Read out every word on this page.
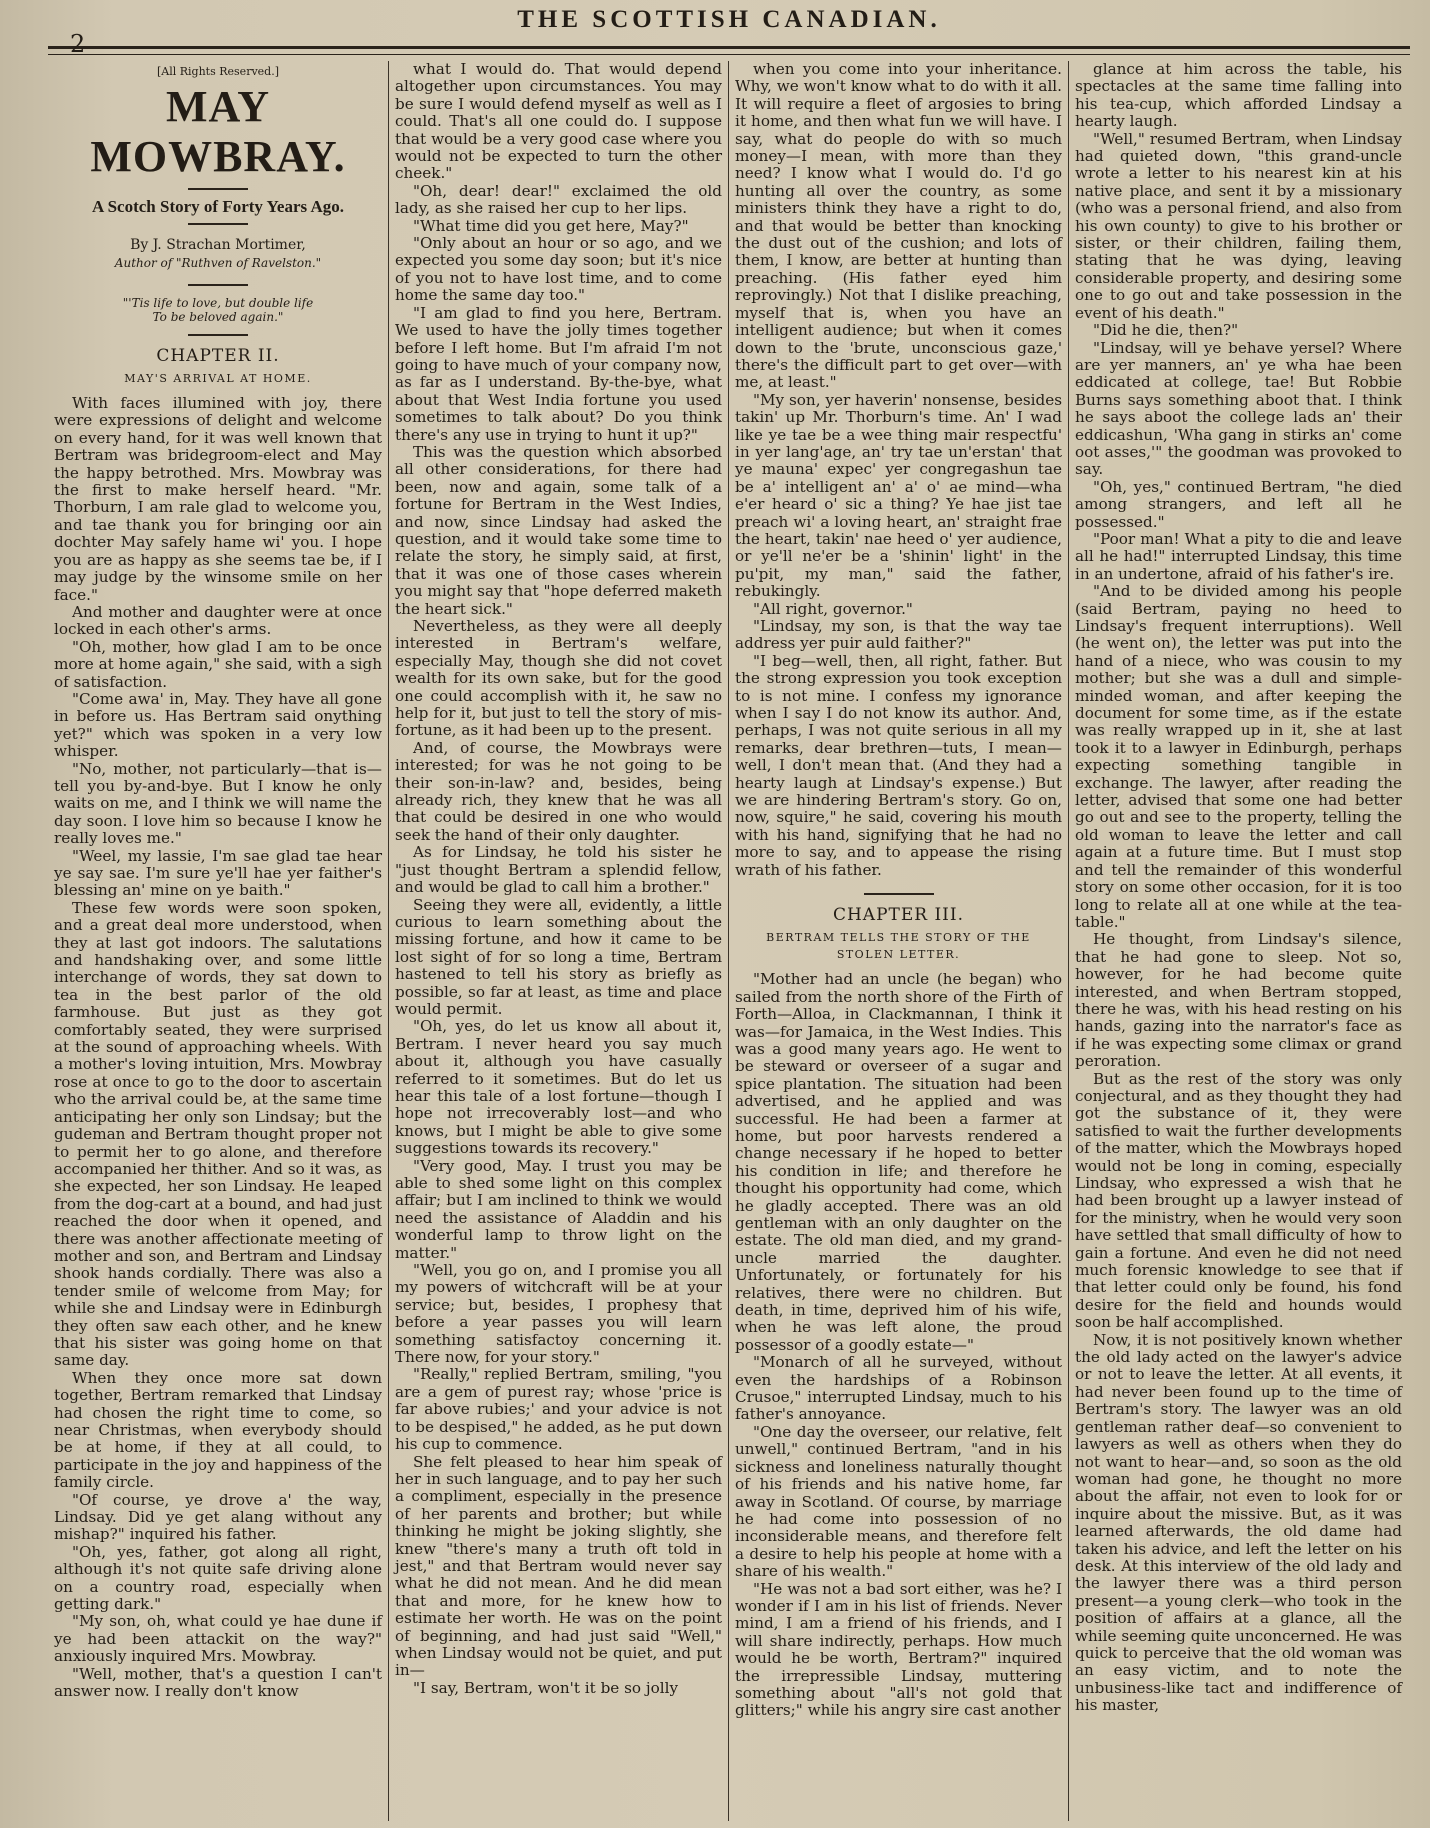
2
THE SCOTTISH CANADIAN.
[All Rights Reserved.]
MAY MOWBRAY.
A Scotch Story of Forty Years Ago.
By J. Strachan Mortimer,
Author of "Ruthven of Ravelston."
"'Tis life to love, but double life
To be beloved again."
CHAPTER II.
MAY'S ARRIVAL AT HOME.

With faces illumined with joy, there were expressions of delight and welcome on every hand, for it was well known that Bertram was bridegroom-elect and May the happy betrothed. Mrs. Mowbray was the first to make herself heard. "Mr. Thorburn, I am rale glad to welcome you, and tae thank you for bringing oor ain dochter May safely hame wi' you. I hope you are as happy as she seems tae be, if I may judge by the winsome smile on her face."

And mother and daughter were at once locked in each other's arms.

"Oh, mother, how glad I am to be once more at home again," she said, with a sigh of satisfaction.

"Come awa' in, May. They have all gone in before us. Has Bertram said onything yet?" which was spoken in a very low whisper.

"No, mother, not particularly—that is—tell you by-and-bye. But I know he only waits on me, and I think we will name the day soon. I love him so because I know he really loves me."

"Weel, my lassie, I'm sae glad tae hear ye say sae. I'm sure ye'll hae yer faither's blessing an' mine on ye baith."

These few words were soon spoken, and a great deal more understood, when they at last got indoors. The salutations and handshaking over, and some little interchange of words, they sat down to tea in the best parlor of the old farmhouse. But just as they got comfortably seated, they were surprised at the sound of approaching wheels. With a mother's loving intuition, Mrs. Mowbray rose at once to go to the door to ascertain who the arrival could be, at the same time anticipating her only son Lindsay; but the gudeman and Bertram thought proper not to permit her to go alone, and therefore accompanied her thither. And so it was, as she expected, her son Lindsay. He leaped from the dog-cart at a bound, and had just reached the door when it opened, and there was another affectionate meeting of mother and son, and Bertram and Lindsay shook hands cordially. There was also a tender smile of welcome from May; for while she and Lindsay were in Edinburgh they often saw each other, and he knew that his sister was going home on that same day.

When they once more sat down together, Bertram remarked that Lindsay had chosen the right time to come, so near Christmas, when everybody should be at home, if they at all could, to participate in the joy and happiness of the family circle.

"Of course, ye drove a' the way, Lindsay. Did ye get alang without any mishap?" inquired his father.

"Oh, yes, father, got along all right, although it's not quite safe driving alone on a country road, especially when getting dark."

"My son, oh, what could ye hae dune if ye had been attackit on the way?" anxiously inquired Mrs. Mowbray.

"Well, mother, that's a question I can't answer now. I really don't know

what I would do. That would depend altogether upon circumstances. You may be sure I would defend myself as well as I could. That's all one could do. I suppose that would be a very good case where you would not be expected to turn the other cheek."

"Oh, dear! dear!" exclaimed the old lady, as she raised her cup to her lips.

"What time did you get here, May?"

"Only about an hour or so ago, and we expected you some day soon; but it's nice of you not to have lost time, and to come home the same day too."

"I am glad to find you here, Bertram. We used to have the jolly times together before I left home. But I'm afraid I'm not going to have much of your company now, as far as I understand. By-the-bye, what about that West India fortune you used sometimes to talk about? Do you think there's any use in trying to hunt it up?"

This was the question which absorbed all other considerations, for there had been, now and again, some talk of a fortune for Bertram in the West Indies, and now, since Lindsay had asked the question, and it would take some time to relate the story, he simply said, at first, that it was one of those cases wherein you might say that "hope deferred maketh the heart sick."

Nevertheless, as they were all deeply interested in Bertram's welfare, especially May, though she did not covet wealth for its own sake, but for the good one could accomplish with it, he saw no help for it, but just to tell the story of mis-fortune, as it had been up to the present.

And, of course, the Mowbrays were interested; for was he not going to be their son-in-law? and, besides, being already rich, they knew that he was all that could be desired in one who would seek the hand of their only daughter.

As for Lindsay, he told his sister he "just thought Bertram a splendid fellow, and would be glad to call him a brother."

Seeing they were all, evidently, a little curious to learn something about the missing fortune, and how it came to be lost sight of for so long a time, Bertram hastened to tell his story as briefly as possible, so far at least, as time and place would permit.

"Oh, yes, do let us know all about it, Bertram. I never heard you say much about it, although you have casually referred to it sometimes. But do let us hear this tale of a lost fortune—though I hope not irrecoverably lost—and who knows, but I might be able to give some suggestions towards its recovery."

"Very good, May. I trust you may be able to shed some light on this complex affair; but I am inclined to think we would need the assistance of Aladdin and his wonderful lamp to throw light on the matter."

"Well, you go on, and I promise you all my powers of witchcraft will be at your service; but, besides, I prophesy that before a year passes you will learn something satisfactoy concerning it. There now, for your story."

"Really," replied Bertram, smiling, "you are a gem of purest ray; whose 'price is far above rubies;' and your advice is not to be despised," he added, as he put down his cup to commence.

She felt pleased to hear him speak of her in such language, and to pay her such a compliment, especially in the presence of her parents and brother; but while thinking he might be joking slightly, she knew "there's many a truth oft told in jest," and that Bertram would never say what he did not mean. And he did mean that and more, for he knew how to estimate her worth. He was on the point of beginning, and had just said "Well," when Lindsay would not be quiet, and put in—

"I say, Bertram, won't it be so jolly

when you come into your inheritance. Why, we won't know what to do with it all. It will require a fleet of argosies to bring it home, and then what fun we will have. I say, what do people do with so much money—I mean, with more than they need? I know what I would do. I'd go hunting all over the country, as some ministers think they have a right to do, and that would be better than knocking the dust out of the cushion; and lots of them, I know, are better at hunting than preaching. (His father eyed him reprovingly.) Not that I dislike preaching, myself that is, when you have an intelligent audience; but when it comes down to the 'brute, unconscious gaze,' there's the difficult part to get over—with me, at least."

"My son, yer haverin' nonsense, besides takin' up Mr. Thorburn's time. An' I wad like ye tae be a wee thing mair respectfu' in yer lang'age, an' try tae un'erstan' that ye mauna' expec' yer congregashun tae be a' intelligent an' a' o' ae mind—wha e'er heard o' sic a thing? Ye hae jist tae preach wi' a loving heart, an' straight frae the heart, takin' nae heed o' yer audience, or ye'll ne'er be a 'shinin' light' in the pu'pit, my man," said the father, rebukingly.

"All right, governor."

"Lindsay, my son, is that the way tae address yer puir auld faither?"

"I beg—well, then, all right, father. But the strong expression you took exception to is not mine. I confess my ignorance when I say I do not know its author. And, perhaps, I was not quite serious in all my remarks, dear brethren—tuts, I mean—well, I don't mean that. (And they had a hearty laugh at Lindsay's expense.) But we are hindering Bertram's story. Go on, now, squire," he said, covering his mouth with his hand, signifying that he had no more to say, and to appease the rising wrath of his father.

CHAPTER III.
BERTRAM TELLS THE STORY OF THE STOLEN LETTER.

"Mother had an uncle (he began) who sailed from the north shore of the Firth of Forth—Alloa, in Clackmannan, I think it was—for Jamaica, in the West Indies. This was a good many years ago. He went to be steward or overseer of a sugar and spice plantation. The situation had been advertised, and he applied and was successful. He had been a farmer at home, but poor harvests rendered a change necessary if he hoped to better his condition in life; and therefore he thought his opportunity had come, which he gladly accepted. There was an old gentleman with an only daughter on the estate. The old man died, and my grand-uncle married the daughter. Unfortunately, or fortunately for his relatives, there were no children. But death, in time, deprived him of his wife, when he was left alone, the proud possessor of a goodly estate—"

"Monarch of all he surveyed, without even the hardships of a Robinson Crusoe," interrupted Lindsay, much to his father's annoyance.

"One day the overseer, our relative, felt unwell," continued Bertram, "and in his sickness and loneliness naturally thought of his friends and his native home, far away in Scotland. Of course, by marriage he had come into possession of no inconsiderable means, and therefore felt a desire to help his people at home with a share of his wealth."

"He was not a bad sort either, was he? I wonder if I am in his list of friends. Never mind, I am a friend of his friends, and I will share indirectly, perhaps. How much would he be worth, Bertram?" inquired the irrepressible Lindsay, muttering something about "all's not gold that glitters;" while his angry sire cast another

glance at him across the table, his spectacles at the same time falling into his tea-cup, which afforded Lindsay a hearty laugh.

"Well," resumed Bertram, when Lindsay had quieted down, "this grand-uncle wrote a letter to his nearest kin at his native place, and sent it by a missionary (who was a personal friend, and also from his own county) to give to his brother or sister, or their children, failing them, stating that he was dying, leaving considerable property, and desiring some one to go out and take possession in the event of his death."

"Did he die, then?"

"Lindsay, will ye behave yersel? Where are yer manners, an' ye wha hae been eddicated at college, tae! But Robbie Burns says something aboot that. I think he says aboot the college lads an' their eddicashun, 'Wha gang in stirks an' come oot asses,'" the goodman was provoked to say.

"Oh, yes," continued Bertram, "he died among strangers, and left all he possessed."

"Poor man! What a pity to die and leave all he had!" interrupted Lindsay, this time in an undertone, afraid of his father's ire.

"And to be divided among his people (said Bertram, paying no heed to Lindsay's frequent interruptions). Well (he went on), the letter was put into the hand of a niece, who was cousin to my mother; but she was a dull and simple-minded woman, and after keeping the document for some time, as if the estate was really wrapped up in it, she at last took it to a lawyer in Edinburgh, perhaps expecting something tangible in exchange. The lawyer, after reading the letter, advised that some one had better go out and see to the property, telling the old woman to leave the letter and call again at a future time. But I must stop and tell the remainder of this wonderful story on some other occasion, for it is too long to relate all at one while at the tea-table."

He thought, from Lindsay's silence, that he had gone to sleep. Not so, however, for he had become quite interested, and when Bertram stopped, there he was, with his head resting on his hands, gazing into the narrator's face as if he was expecting some climax or grand peroration.

But as the rest of the story was only conjectural, and as they thought they had got the substance of it, they were satisfied to wait the further developments of the matter, which the Mowbrays hoped would not be long in coming, especially Lindsay, who expressed a wish that he had been brought up a lawyer instead of for the ministry, when he would very soon have settled that small difficulty of how to gain a fortune. And even he did not need much forensic knowledge to see that if that letter could only be found, his fond desire for the field and hounds would soon be half accomplished.

Now, it is not positively known whether the old lady acted on the lawyer's advice or not to leave the letter. At all events, it had never been found up to the time of Bertram's story. The lawyer was an old gentleman rather deaf—so convenient to lawyers as well as others when they do not want to hear—and, so soon as the old woman had gone, he thought no more about the affair, not even to look for or inquire about the missive. But, as it was learned afterwards, the old dame had taken his advice, and left the letter on his desk. At this interview of the old lady and the lawyer there was a third person present—a young clerk—who took in the position of affairs at a glance, all the while seeming quite unconcerned. He was quick to perceive that the old woman was an easy victim, and to note the unbusiness-like tact and indifference of his master,
